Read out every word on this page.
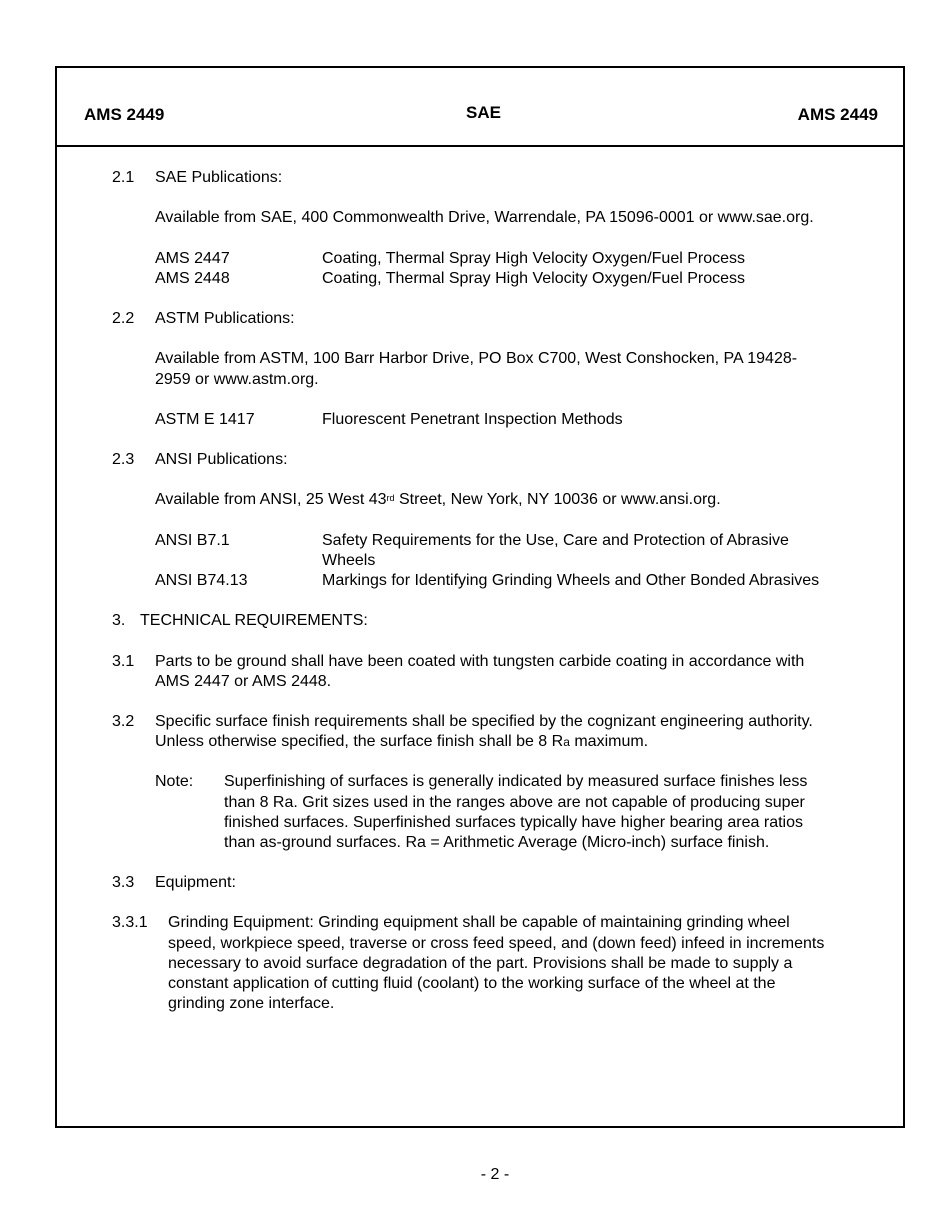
AMS 2449	SAE	AMS 2449
2.1 SAE Publications:
Available from SAE, 400 Commonwealth Drive, Warrendale, PA 15096-0001 or www.sae.org.
AMS 2447	Coating, Thermal Spray High Velocity Oxygen/Fuel Process
AMS 2448	Coating, Thermal Spray High Velocity Oxygen/Fuel Process
2.2 ASTM Publications:
Available from ASTM, 100 Barr Harbor Drive, PO Box C700, West Conshocken, PA 19428-
2959 or www.astm.org.
ASTM E 1417	Fluorescent Penetrant Inspection Methods
2.3 ANSI Publications:
Available from ANSI, 25 West 43rd Street, New York, NY 10036 or www.ansi.org.
ANSI B7.1	Safety Requirements for the Use, Care and Protection of Abrasive
Wheels
ANSI B74.13	Markings for Identifying Grinding Wheels and Other Bonded Abrasives
3. TECHNICAL REQUIREMENTS:
3.1 Parts to be ground shall have been coated with tungsten carbide coating in accordance with
AMS 2447 or AMS 2448.
3.2 Specific surface finish requirements shall be specified by the cognizant engineering authority.
Unless otherwise specified, the surface finish shall be 8 Ra maximum.
Note: Superfinishing of surfaces is generally indicated by measured surface finishes less
than 8 Ra. Grit sizes used in the ranges above are not capable of producing super
finished surfaces. Superfinished surfaces typically have higher bearing area ratios
than as-ground surfaces. Ra = Arithmetic Average (Micro-inch) surface finish.
3.3 Equipment:
3.3.1 Grinding Equipment: Grinding equipment shall be capable of maintaining grinding wheel
speed, workpiece speed, traverse or cross feed speed, and (down feed) infeed in increments
necessary to avoid surface degradation of the part. Provisions shall be made to supply a
constant application of cutting fluid (coolant) to the working surface of the wheel at the
grinding zone interface.
- 2 -
